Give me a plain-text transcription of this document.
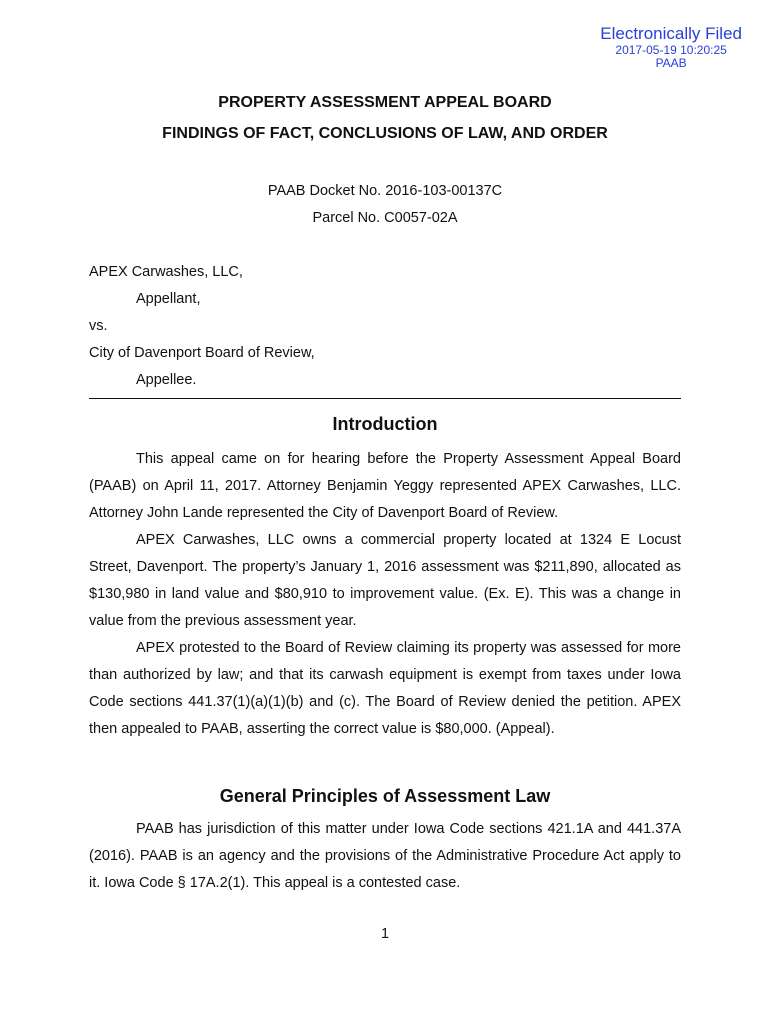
Electronically Filed
2017-05-19 10:20:25
PAAB
PROPERTY ASSESSMENT APPEAL BOARD
FINDINGS OF FACT, CONCLUSIONS OF LAW, AND ORDER
PAAB Docket No. 2016-103-00137C
Parcel No. C0057-02A
APEX Carwashes, LLC,
Appellant,
vs.
City of Davenport Board of Review,
Appellee.
Introduction

This appeal came on for hearing before the Property Assessment Appeal Board (PAAB) on April 11, 2017. Attorney Benjamin Yeggy represented APEX Carwashes, LLC. Attorney John Lande represented the City of Davenport Board of Review.

APEX Carwashes, LLC owns a commercial property located at 1324 E Locust Street, Davenport. The property’s January 1, 2016 assessment was $211,890, allocated as $130,980 in land value and $80,910 to improvement value. (Ex. E). This was a change in value from the previous assessment year.

APEX protested to the Board of Review claiming its property was assessed for more than authorized by law; and that its carwash equipment is exempt from taxes under Iowa Code sections 441.37(1)(a)(1)(b) and (c). The Board of Review denied the petition. APEX then appealed to PAAB, asserting the correct value is $80,000. (Appeal).

General Principles of Assessment Law

PAAB has jurisdiction of this matter under Iowa Code sections 421.1A and 441.37A (2016). PAAB is an agency and the provisions of the Administrative Procedure Act apply to it. Iowa Code § 17A.2(1). This appeal is a contested case.

1
